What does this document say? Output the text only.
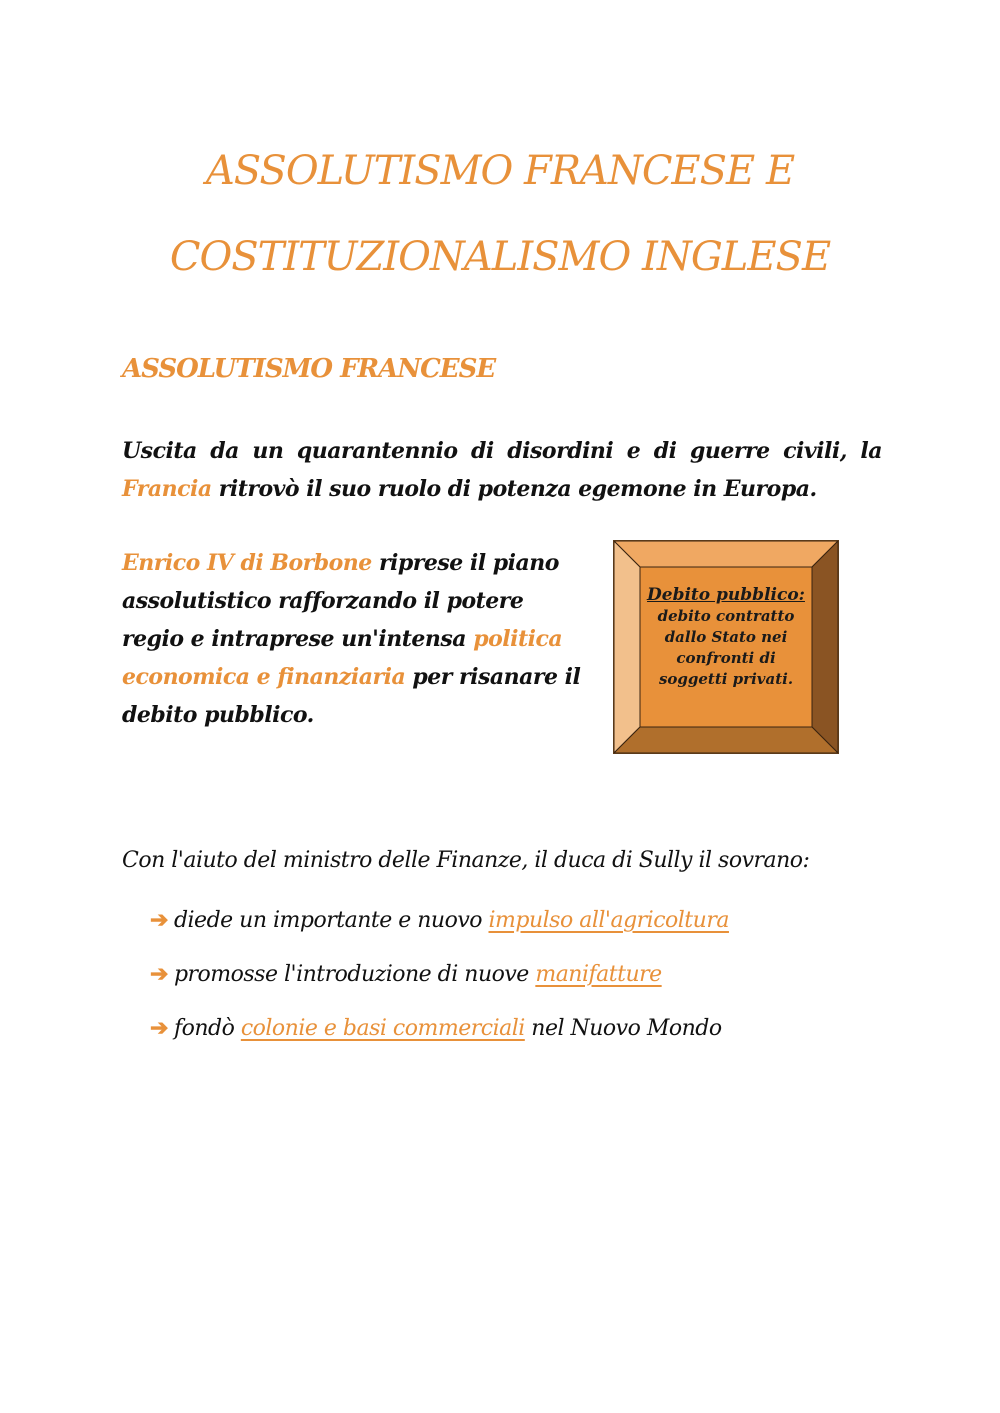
ASSOLUTISMO FRANCESE E
COSTITUZIONALISMO INGLESE
ASSOLUTISMO FRANCESE

Uscita da un quarantennio di disordini e di guerre civili, la Francia ritrovò il suo ruolo di potenza egemone in Europa.

Enrico IV di Borbone riprese il piano assolutistico rafforzando il potere regio e intraprese un'intensa politica economica e finanziaria per risanare il debito pubblico.

Debito pubblico:
debito contratto dallo Stato nei confronti di soggetti privati.

Con l'aiuto del ministro delle Finanze, il duca di Sully il sovrano:

➔ diede un importante e nuovo impulso all'agricoltura
➔ promosse l'introduzione di nuove manifatture
➔ fondò colonie e basi commerciali nel Nuovo Mondo
